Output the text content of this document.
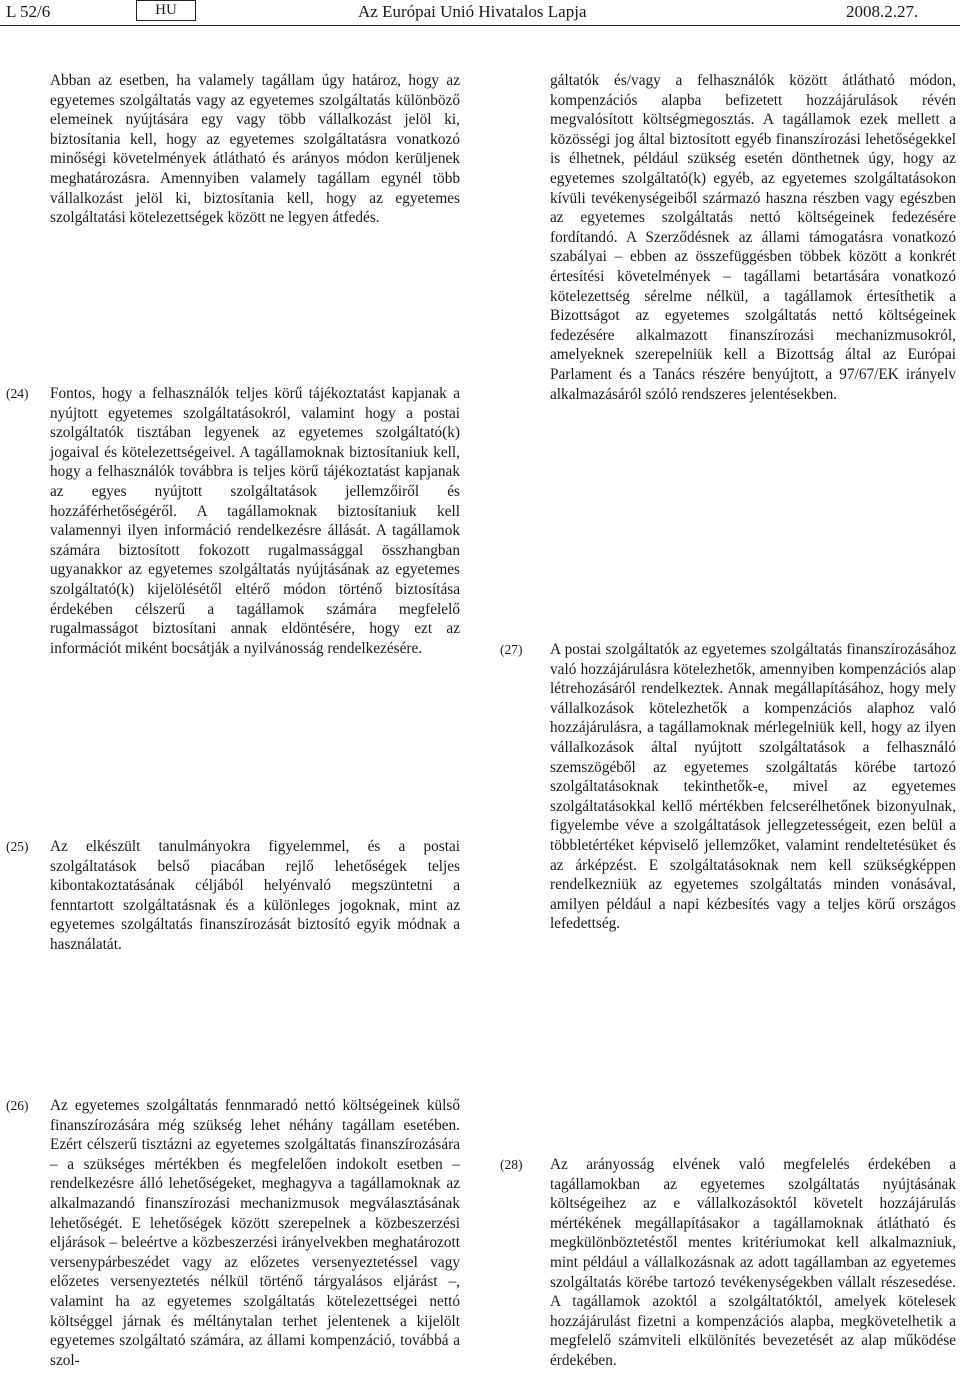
L 52/6	HU	Az Európai Unió Hivatalos Lapja	2008.2.27.

Abban az esetben, ha valamely tagállam úgy határoz, hogy az egyetemes szolgáltatás vagy az egyetemes szolgáltatás különböző elemeinek nyújtására egy vagy több vállalkozást jelöl ki, biztosítania kell, hogy az egyetemes szolgáltatásra vonatkozó minőségi követelmények átlátható és arányos módon kerüljenek meghatározásra. Amennyiben valamely tagállam egynél több vállalkozást jelöl ki, biztosítania kell, hogy az egyetemes szolgáltatási kötelezettségek között ne legyen átfedés.

(24) Fontos, hogy a felhasználók teljes körű tájékoztatást kapjanak a nyújtott egyetemes szolgáltatásokról, valamint hogy a postai szolgáltatók tisztában legyenek az egyetemes szolgáltató(k) jogaival és kötelezettségeivel. A tagállamoknak biztosítaniuk kell, hogy a felhasználók továbbra is teljes körű tájékoztatást kapjanak az egyes nyújtott szolgáltatások jellemzőiről és hozzáférhetőségéről. A tagállamoknak biztosítaniuk kell valamennyi ilyen információ rendelkezésre állását. A tagállamok számára biztosított fokozott rugalmassággal összhangban ugyanakkor az egyetemes szolgáltatás nyújtásának az egyetemes szolgáltató(k) kijelölésétől eltérő módon történő biztosítása érdekében célszerű a tagállamok számára megfelelő rugalmasságot biztosítani annak eldöntésére, hogy ezt az információt miként bocsátják a nyilvánosság rendelkezésére.

(25) Az elkészült tanulmányokra figyelemmel, és a postai szolgáltatások belső piacában rejlő lehetőségek teljes kibontakoztatásának céljából helyénvaló megszüntetni a fenntartott szolgáltatásnak és a különleges jogoknak, mint az egyetemes szolgáltatás finanszírozását biztosító egyik módnak a használatát.

(26) Az egyetemes szolgáltatás fennmaradó nettó költségeinek külső finanszírozására még szükség lehet néhány tagállam esetében. Ezért célszerű tisztázni az egyetemes szolgáltatás finanszírozására – a szükséges mértékben és megfelelően indokolt esetben – rendelkezésre álló lehetőségeket, meghagyva a tagállamoknak az alkalmazandó finanszírozási mechanizmusok megválasztásának lehetőségét. E lehetőségek között szerepelnek a közbeszerzési eljárások – beleértve a közbeszerzési irányelvekben meghatározott versenypárbeszédet vagy az előzetes versenyeztetéssel vagy előzetes versenyeztetés nélkül történő tárgyalásos eljárást –, valamint ha az egyetemes szolgáltatás kötelezettségei nettó költséggel járnak és méltánytalan terhet jelentenek a kijelölt egyetemes szolgáltató számára, az állami kompenzáció, továbbá a szol-

gáltatók és/vagy a felhasználók között átlátható módon, kompenzációs alapba befizetett hozzájárulások révén megvalósított költségmegosztás. A tagállamok ezek mellett a közösségi jog által biztosított egyéb finanszírozási lehetőségekkel is élhetnek, például szükség esetén dönthetnek úgy, hogy az egyetemes szolgáltató(k) egyéb, az egyetemes szolgáltatásokon kívüli tevékenységeiből származó haszna részben vagy egészben az egyetemes szolgáltatás nettó költségeinek fedezésére fordítandó. A Szerződésnek az állami támogatásra vonatkozó szabályai – ebben az összefüggésben többek között a konkrét értesítési követelmények – tagállami betartására vonatkozó kötelezettség sérelme nélkül, a tagállamok értesíthetik a Bizottságot az egyetemes szolgáltatás nettó költségeinek fedezésére alkalmazott finanszírozási mechanizmusokról, amelyeknek szerepelniük kell a Bizottság által az Európai Parlament és a Tanács részére benyújtott, a 97/67/EK irányelv alkalmazásáról szóló rendszeres jelentésekben.

(27) A postai szolgáltatók az egyetemes szolgáltatás finanszírozásához való hozzájárulásra kötelezhetők, amennyiben kompenzációs alap létrehozásáról rendelkeztek. Annak megállapításához, hogy mely vállalkozások kötelezhetők a kompenzációs alaphoz való hozzájárulásra, a tagállamoknak mérlegelniük kell, hogy az ilyen vállalkozások által nyújtott szolgáltatások a felhasználó szemszögéből az egyetemes szolgáltatás körébe tartozó szolgáltatásoknak tekinthetők-e, mivel az egyetemes szolgáltatásokkal kellő mértékben felcserélhetőnek bizonyulnak, figyelembe véve a szolgáltatások jellegzetességeit, ezen belül a többletértéket képviselő jellemzőket, valamint rendeltetésüket és az árképzést. E szolgáltatásoknak nem kell szükségképpen rendelkezniük az egyetemes szolgáltatás minden vonásával, amilyen például a napi kézbesítés vagy a teljes körű országos lefedettség.

(28) Az arányosság elvének való megfelelés érdekében a tagállamokban az egyetemes szolgáltatás nyújtásának költségeihez az e vállalkozásoktól követelt hozzájárulás mértékének megállapításakor a tagállamoknak átlátható és megkülönböztetéstől mentes kritériumokat kell alkalmazniuk, mint például a vállalkozásnak az adott tagállamban az egyetemes szolgáltatás körébe tartozó tevékenységekben vállalt részesedése. A tagállamok azoktól a szolgáltatóktól, amelyek kötelesek hozzájárulást fizetni a kompenzációs alapba, megkövetelhetik a megfelelő számviteli elkülönítés bevezetését az alap működése érdekében.
